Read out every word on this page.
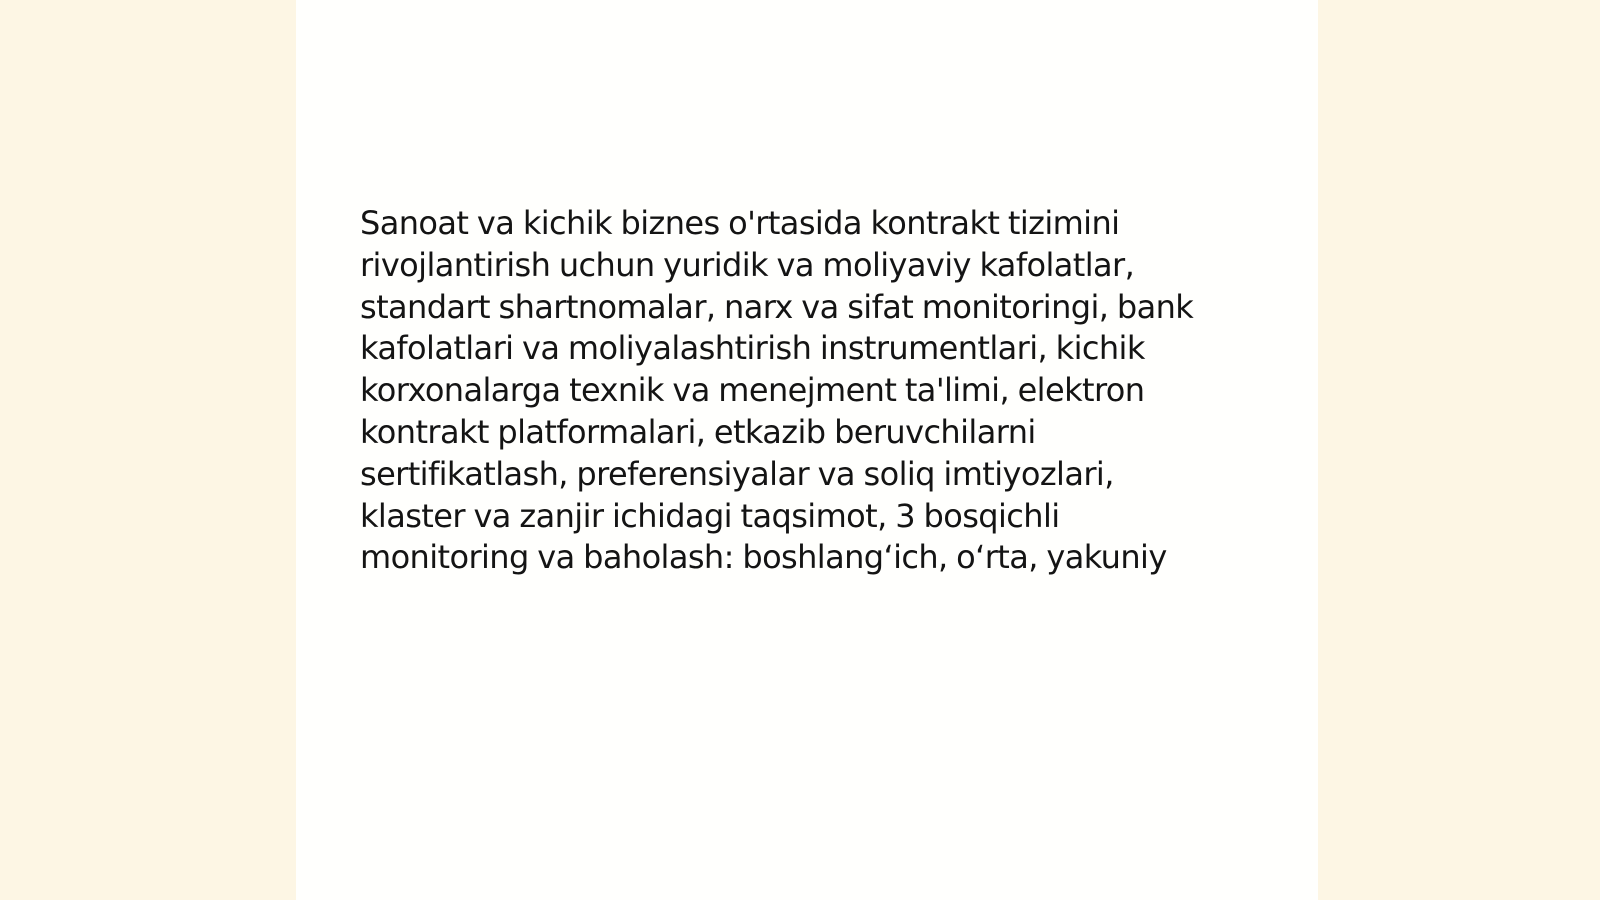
Sanoat va kichik biznes o'rtasida kontrakt tizimini
rivojlantirish uchun yuridik va moliyaviy kafolatlar,
standart shartnomalar, narx va sifat monitoringi, bank
kafolatlari va moliyalashtirish instrumentlari, kichik
korxonalarga texnik va menejment ta'limi, elektron
kontrakt platformalari, etkazib beruvchilarni
sertifikatlash, preferensiyalar va soliq imtiyozlari,
klaster va zanjir ichidagi taqsimot, 3 bosqichli
monitoring va baholash: boshlang‘ich, o‘rta, yakuniy
